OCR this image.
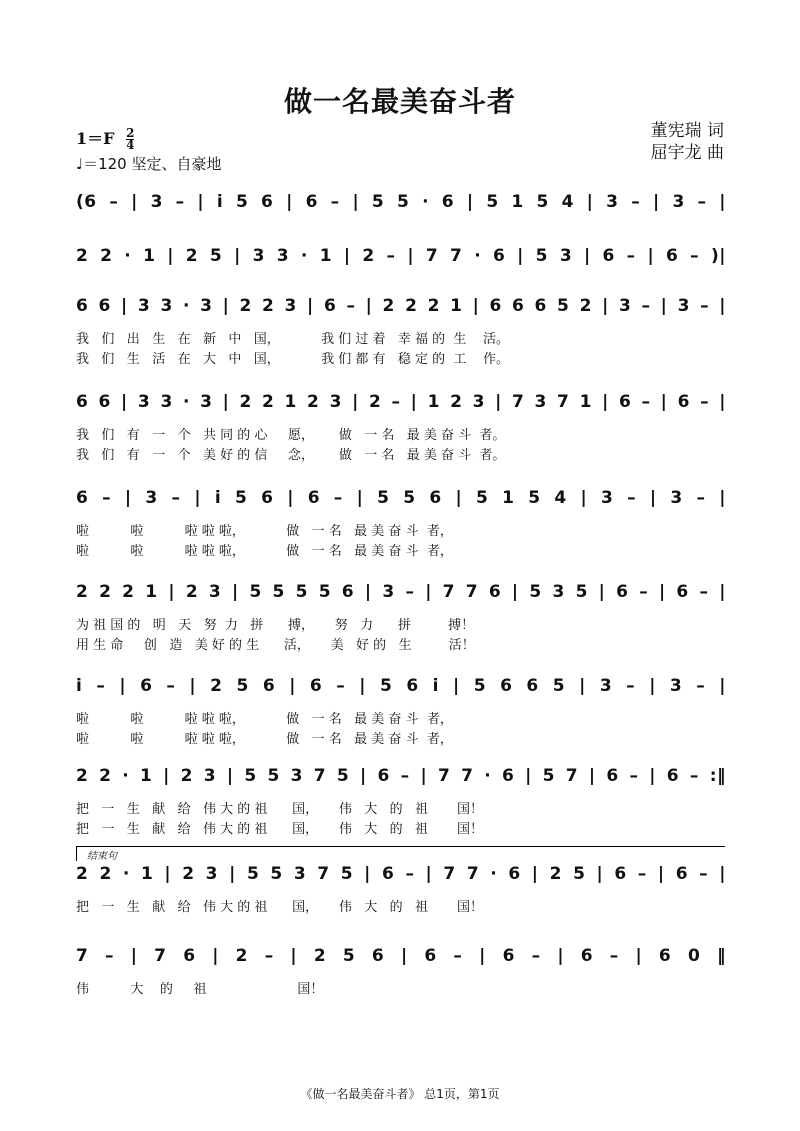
做一名最美奋斗者
董宪瑞 词
屈宇龙 曲
$1=F \frac{2}{4}$
♩＝120 坚定、自豪地
(6 – | 3 – | i 5 6 | 6 – | 5 5 · 6 | 5 1 5 4 | 3 – | 3 – |
2 2 · 1 | 2 5 | 3 3 · 1 | 2 – | 7 7 · 6 | 5 3 | 6 – | 6 – )|
6 6 | 3 3 · 3 | 2 2 3 | 6 – | 2 2 2 1 | 6 6 6 5 2 | 3 – | 3 – |
我   们   出   生   在   新   中   国，          我 们 过 着   幸 福 的  生    活。
我   们   生   活   在   大   中   国，          我 们 都 有   稳 定 的  工    作。
6 6 | 3 3 · 3 | 2 2 1 2 3 | 2 – | 1 2 3 | 7 3 7 1 | 6 – | 6 – |
我   们   有   一   个   共 同 的 心     愿，      做   一 名   最 美 奋 斗  者。
我   们   有   一   个   美 好 的 信     念，      做   一 名   最 美 奋 斗  者。
6 – | 3 – | i 5 6 | 6 – | 5 5 6 | 5 1 5 4 | 3 – | 3 – |
啦          啦          啦 啦 啦，          做   一 名   最 美 奋 斗  者，
啦          啦          啦 啦 啦，          做   一 名   最 美 奋 斗  者，
2 2 2 1 | 2 3 | 5 5 5 5 6 | 3 – | 7 7 6 | 5 3 5 | 6 – | 6 – |
为 祖 国 的   明   天   努  力   拼      搏，     努   力      拼         搏！
用 生 命     创   造   美 好 的 生      活，     美   好 的   生         活！
i – | 6 – | 2 5 6 | 6 – | 5 6 i | 5 6 6 5 | 3 – | 3 – |
啦          啦          啦 啦 啦，          做   一 名   最 美 奋 斗  者，
啦          啦          啦 啦 啦，          做   一 名   最 美 奋 斗  者，
2 2 · 1 | 2 3 | 5 5 3 7 5 | 6 – | 7 7 · 6 | 5 7 | 6 – | 6 – :‖
把   一   生   献   给   伟 大 的 祖      国，     伟   大   的   祖       国！
把   一   生   献   给   伟 大 的 祖      国，     伟   大   的   祖       国！
2 2 · 1 | 2 3 | 5 5 3 7 5 | 6 – | 7 7 · 6 | 2 5 | 6 – | 6 – |
把   一   生   献   给   伟 大 的 祖      国，     伟   大   的   祖       国！
7 – | 7 6 | 2 – | 2 5 6 | 6 – | 6 – | 6 – | 6 0 ‖
伟          大    的     祖                      国！
结束句
《做一名最美奋斗者》 总1页，第1页
